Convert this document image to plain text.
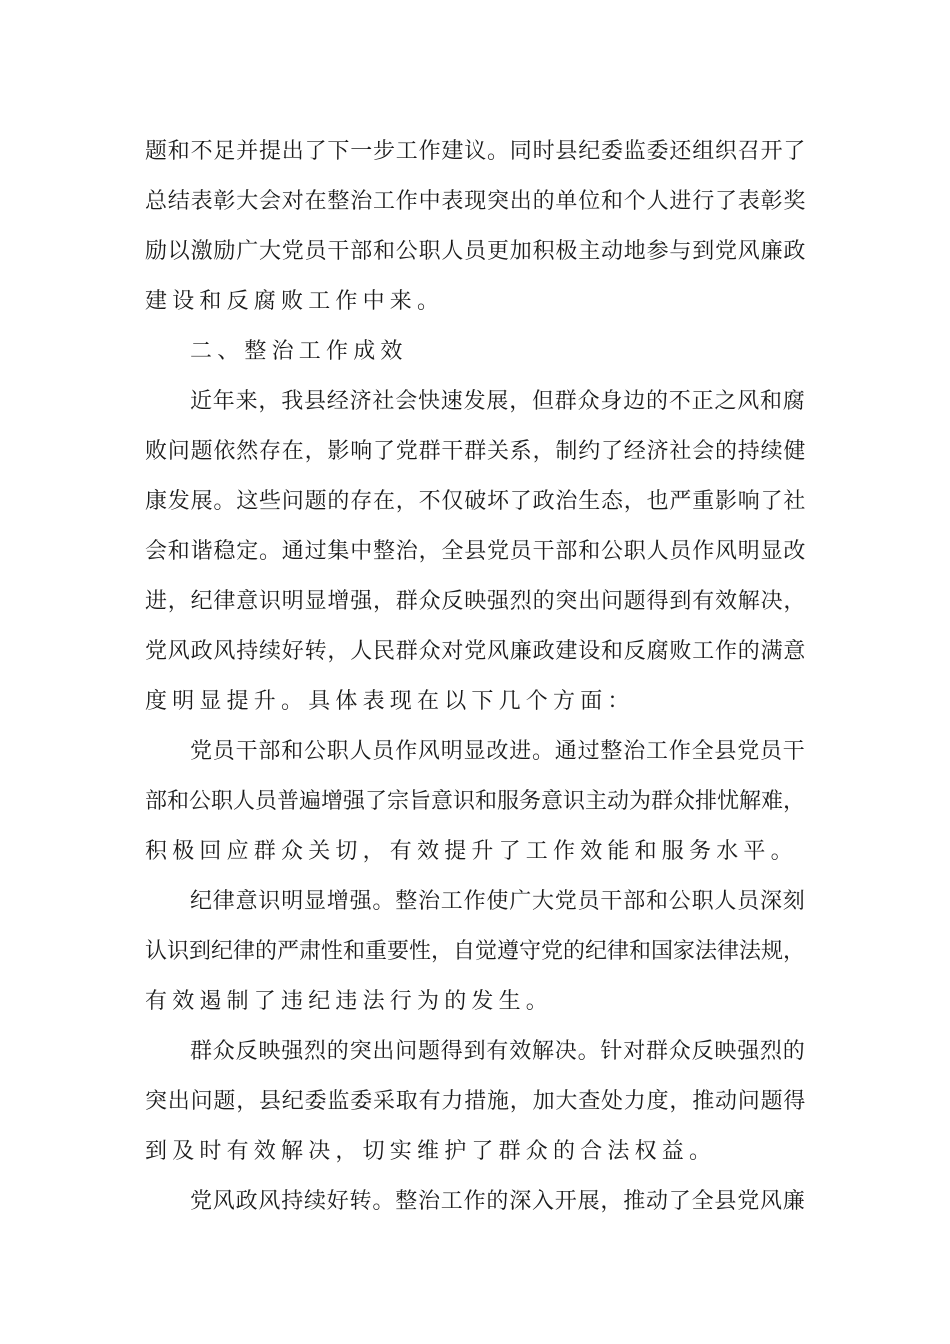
题和不足并提出了下一步工作建议。同时县纪委监委还组织召开了
总结表彰大会对在整治工作中表现突出的单位和个人进行了表彰奖
励以激励广大党员干部和公职人员更加积极主动地参与到党风廉政
建设和反腐败工作中来。
二、整治工作成效
近年来，我县经济社会快速发展，但群众身边的不正之风和腐
败问题依然存在，影响了党群干群关系，制约了经济社会的持续健
康发展。这些问题的存在，不仅破坏了政治生态，也严重影响了社
会和谐稳定。通过集中整治，全县党员干部和公职人员作风明显改
进，纪律意识明显增强，群众反映强烈的突出问题得到有效解决，
党风政风持续好转，人民群众对党风廉政建设和反腐败工作的满意
度明显提升。具体表现在以下几个方面：
党员干部和公职人员作风明显改进。通过整治工作全县党员干
部和公职人员普遍增强了宗旨意识和服务意识主动为群众排忧解难，
积极回应群众关切，有效提升了工作效能和服务水平。
纪律意识明显增强。整治工作使广大党员干部和公职人员深刻
认识到纪律的严肃性和重要性，自觉遵守党的纪律和国家法律法规，
有效遏制了违纪违法行为的发生。
群众反映强烈的突出问题得到有效解决。针对群众反映强烈的
突出问题，县纪委监委采取有力措施，加大查处力度，推动问题得
到及时有效解决，切实维护了群众的合法权益。
党风政风持续好转。整治工作的深入开展，推动了全县党风廉
